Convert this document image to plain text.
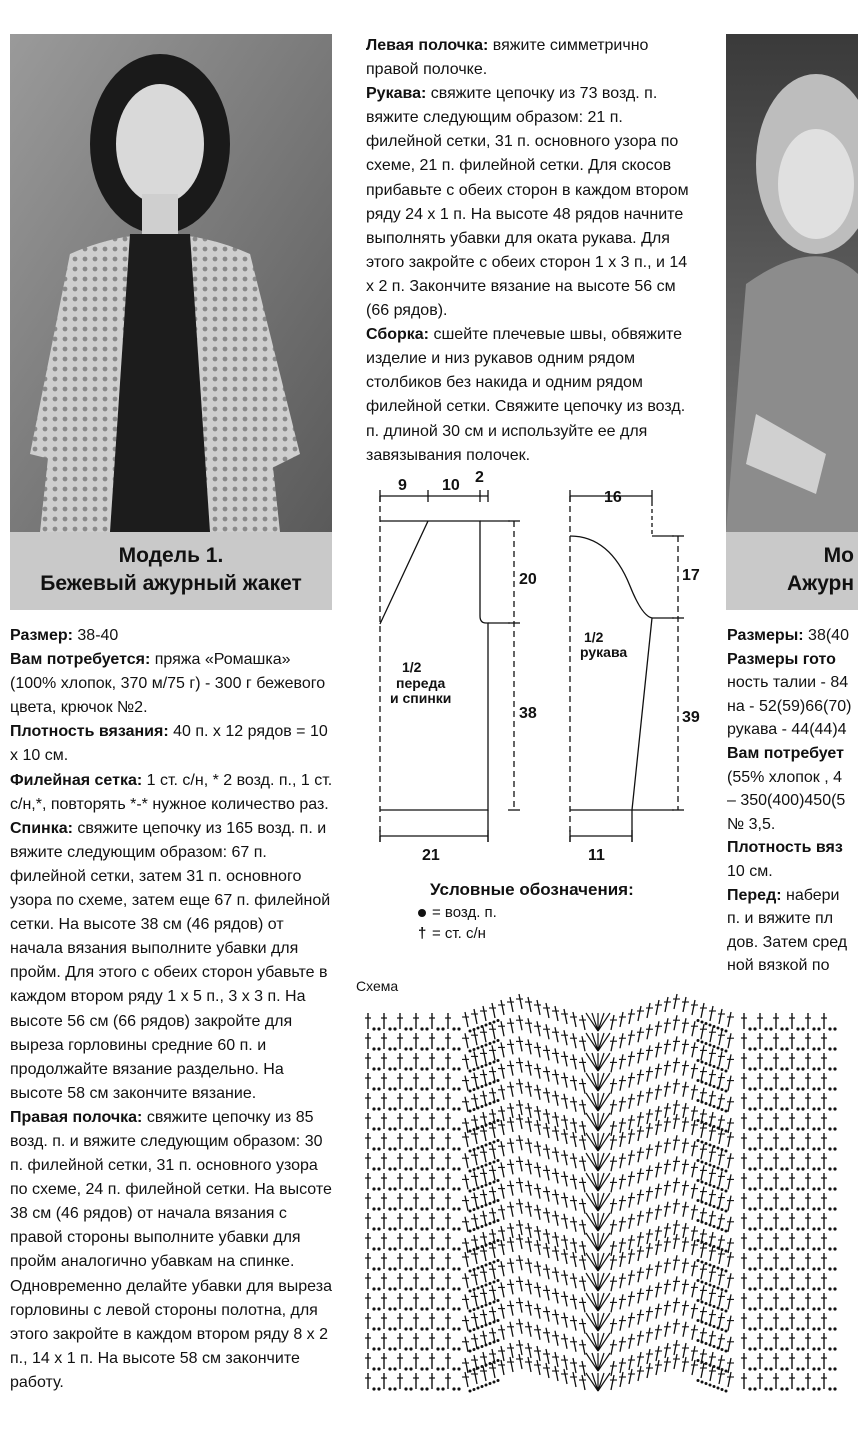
Модель 1.
Бежевый ажурный жакет
Мо
Ажурн

Размер: 38-40

Вам потребуется: пряжа «Ромашка» (100% хлопок, 370 м/75 г) - 300 г бежевого цвета, крючок №2.

Плотность вязания: 40 п. х 12 рядов = 10 х 10 см.

Филейная сетка: 1 ст. с/н, * 2 возд. п., 1 ст. с/н,*, повторять *-* нужное количество раз.

Спинка: свяжите цепочку из 165 возд. п. и вяжите следующим образом: 67 п. филейной сетки, затем 31 п. основного узора по схеме, затем еще 67 п. филейной сетки. На высоте 38 см (46 рядов) от начала вязания выполните убавки для пройм. Для этого с обеих сторон убавьте в каждом втором ряду 1 х 5 п., 3 х 3 п. На высоте 56 см (66 рядов) закройте для выреза горловины средние 60 п. и продолжайте вязание раздельно. На высоте 58 см закончите вязание.

Правая полочка: свяжите цепочку из 85 возд. п. и вяжите следующим образом: 30 п. филейной сетки, 31 п. основного узора по схеме, 24 п. филейной сетки. На высоте 38 см (46 рядов) от начала вязания с правой стороны выполните убавки для пройм аналогично убавкам на спинке. Одновременно делайте убавки для выреза горловины с левой стороны полотна, для этого закройте в каждом втором ряду 8 х 2 п., 14 х 1 п. На высоте 58 см закончите работу.

Левая полочка: вяжите симметрично правой полочке.

Рукава: свяжите цепочку из 73 возд. п. вяжите следующим образом: 21 п. филейной сетки, 31 п. основного узора по схеме, 21 п. филейной сетки. Для скосов прибавьте с обеих сторон в каждом втором ряду 24 х 1 п. На высоте 48 рядов начните выполнять убавки для оката рукава. Для этого закройте с обеих сторон 1 х 3 п., и 14 х 2 п. Закончите вязание на высоте 56 см (66 рядов).

Сборка: сшейте плечевые швы, обвяжите изделие и низ рукавов одним рядом столбиков без накида и одним рядом филейной сетки. Свяжите цепочку из возд. п. длиной 30 см и используйте ее для завязывания полочек.

Размеры: 38(40

Размеры гото

ность талии - 84

на - 52(59)66(70)

рукава - 44(44)4

Вам потребует

(55% хлопок , 4

– 350(400)450(5

№ 3,5.

Плотность вяз

10 см.

Перед: набери

п. и вяжите пл

дов. Затем сред

ной вязкой по

9 10 2
20
38
21
16
17
39
11
1/2
переда
и спинки
1/2
рукава
Условные обозначения:
= возд. п.
† = ст. с/н
Схема
